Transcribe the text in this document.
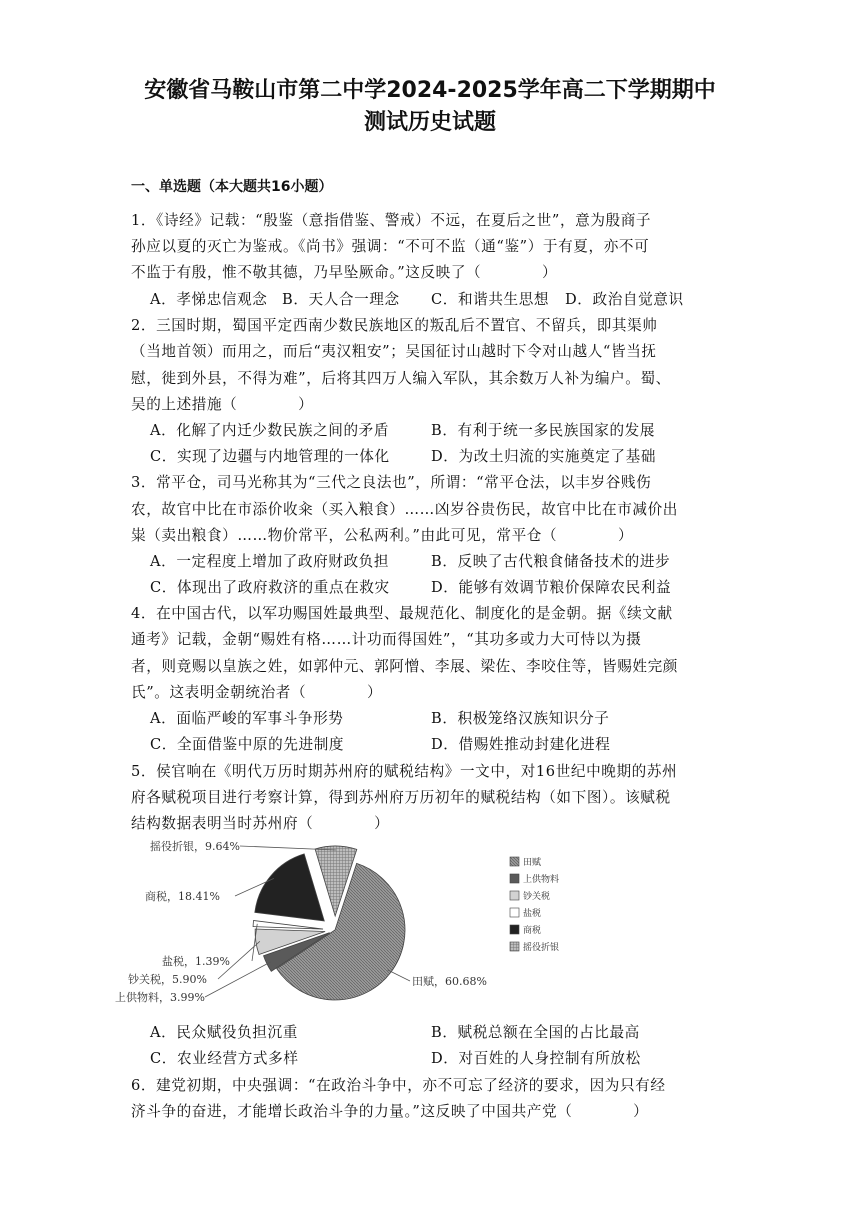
安徽省马鞍山市第二中学2024-2025学年高二下学期期中
测试历史试题
一、单选题（本大题共16小题）
1．《诗经》记载：“殷鉴（意指借鉴、警戒）不远，在夏后之世”，意为殷商子
孙应以夏的灭亡为鉴戒。《尚书》强调：“不可不监（通“鉴”）于有夏，亦不可
不监于有殷，惟不敬其德，乃早坠厥命。”这反映了（　　　　）
A．孝悌忠信观念 B．天人合一理念 C．和谐共生思想 D．政治自觉意识
2．三国时期，蜀国平定西南少数民族地区的叛乱后不置官、不留兵，即其渠帅
（当地首领）而用之，而后“夷汉粗安”；吴国征讨山越时下令对山越人“皆当抚
慰，徙到外县，不得为难”，后将其四万人编入军队，其余数万人补为编户。蜀、
吴的上述措施（　　　　）
A．化解了内迁少数民族之间的矛盾	B．有利于统一多民族国家的发展
C．实现了边疆与内地管理的一体化	D．为改土归流的实施奠定了基础
3．常平仓，司马光称其为“三代之良法也”，所谓：“常平仓法，以丰岁谷贱伤
农，故官中比在市添价收籴（买入粮食）……凶岁谷贵伤民，故官中比在市减价出
粜（卖出粮食）……物价常平，公私两利。”由此可见，常平仓（　　　　）
A．一定程度上增加了政府财政负担	B．反映了古代粮食储备技术的进步
C．体现出了政府救济的重点在救灾	D．能够有效调节粮价保障农民利益
4．在中国古代，以军功赐国姓最典型、最规范化、制度化的是金朝。据《续文献
通考》记载，金朝“赐姓有格……计功而得国姓”，“其功多或力大可恃以为摄
者，则竟赐以皇族之姓，如郭仲元、郭阿憎、李展、梁佐、李咬住等，皆赐姓完颜
氏”。这表明金朝统治者（　　　　）
A．面临严峻的军事斗争形势	B．积极笼络汉族知识分子
C．全面借鉴中原的先进制度	D．借赐姓推动封建化进程
5．侯官响在《明代万历时期苏州府的赋税结构》一文中，对16世纪中晚期的苏州
府各赋税项目进行考察计算，得到苏州府万历初年的赋税结构（如下图）。该赋税
结构数据表明当时苏州府（　　　　）
田赋，60.68%
上供物料，3.99%
钞关税，5.90%
盐税，1.39%
商税，18.41%
摇役折银，9.64%
田赋
上供物料
钞关税
盐税
商税
摇役折银
A．民众赋役负担沉重	B．赋税总额在全国的占比最高
C．农业经营方式多样	D．对百姓的人身控制有所放松
6．建党初期，中央强调：“在政治斗争中，亦不可忘了经济的要求，因为只有经
济斗争的奋进，才能增长政治斗争的力量。”这反映了中国共产党（　　　　）
